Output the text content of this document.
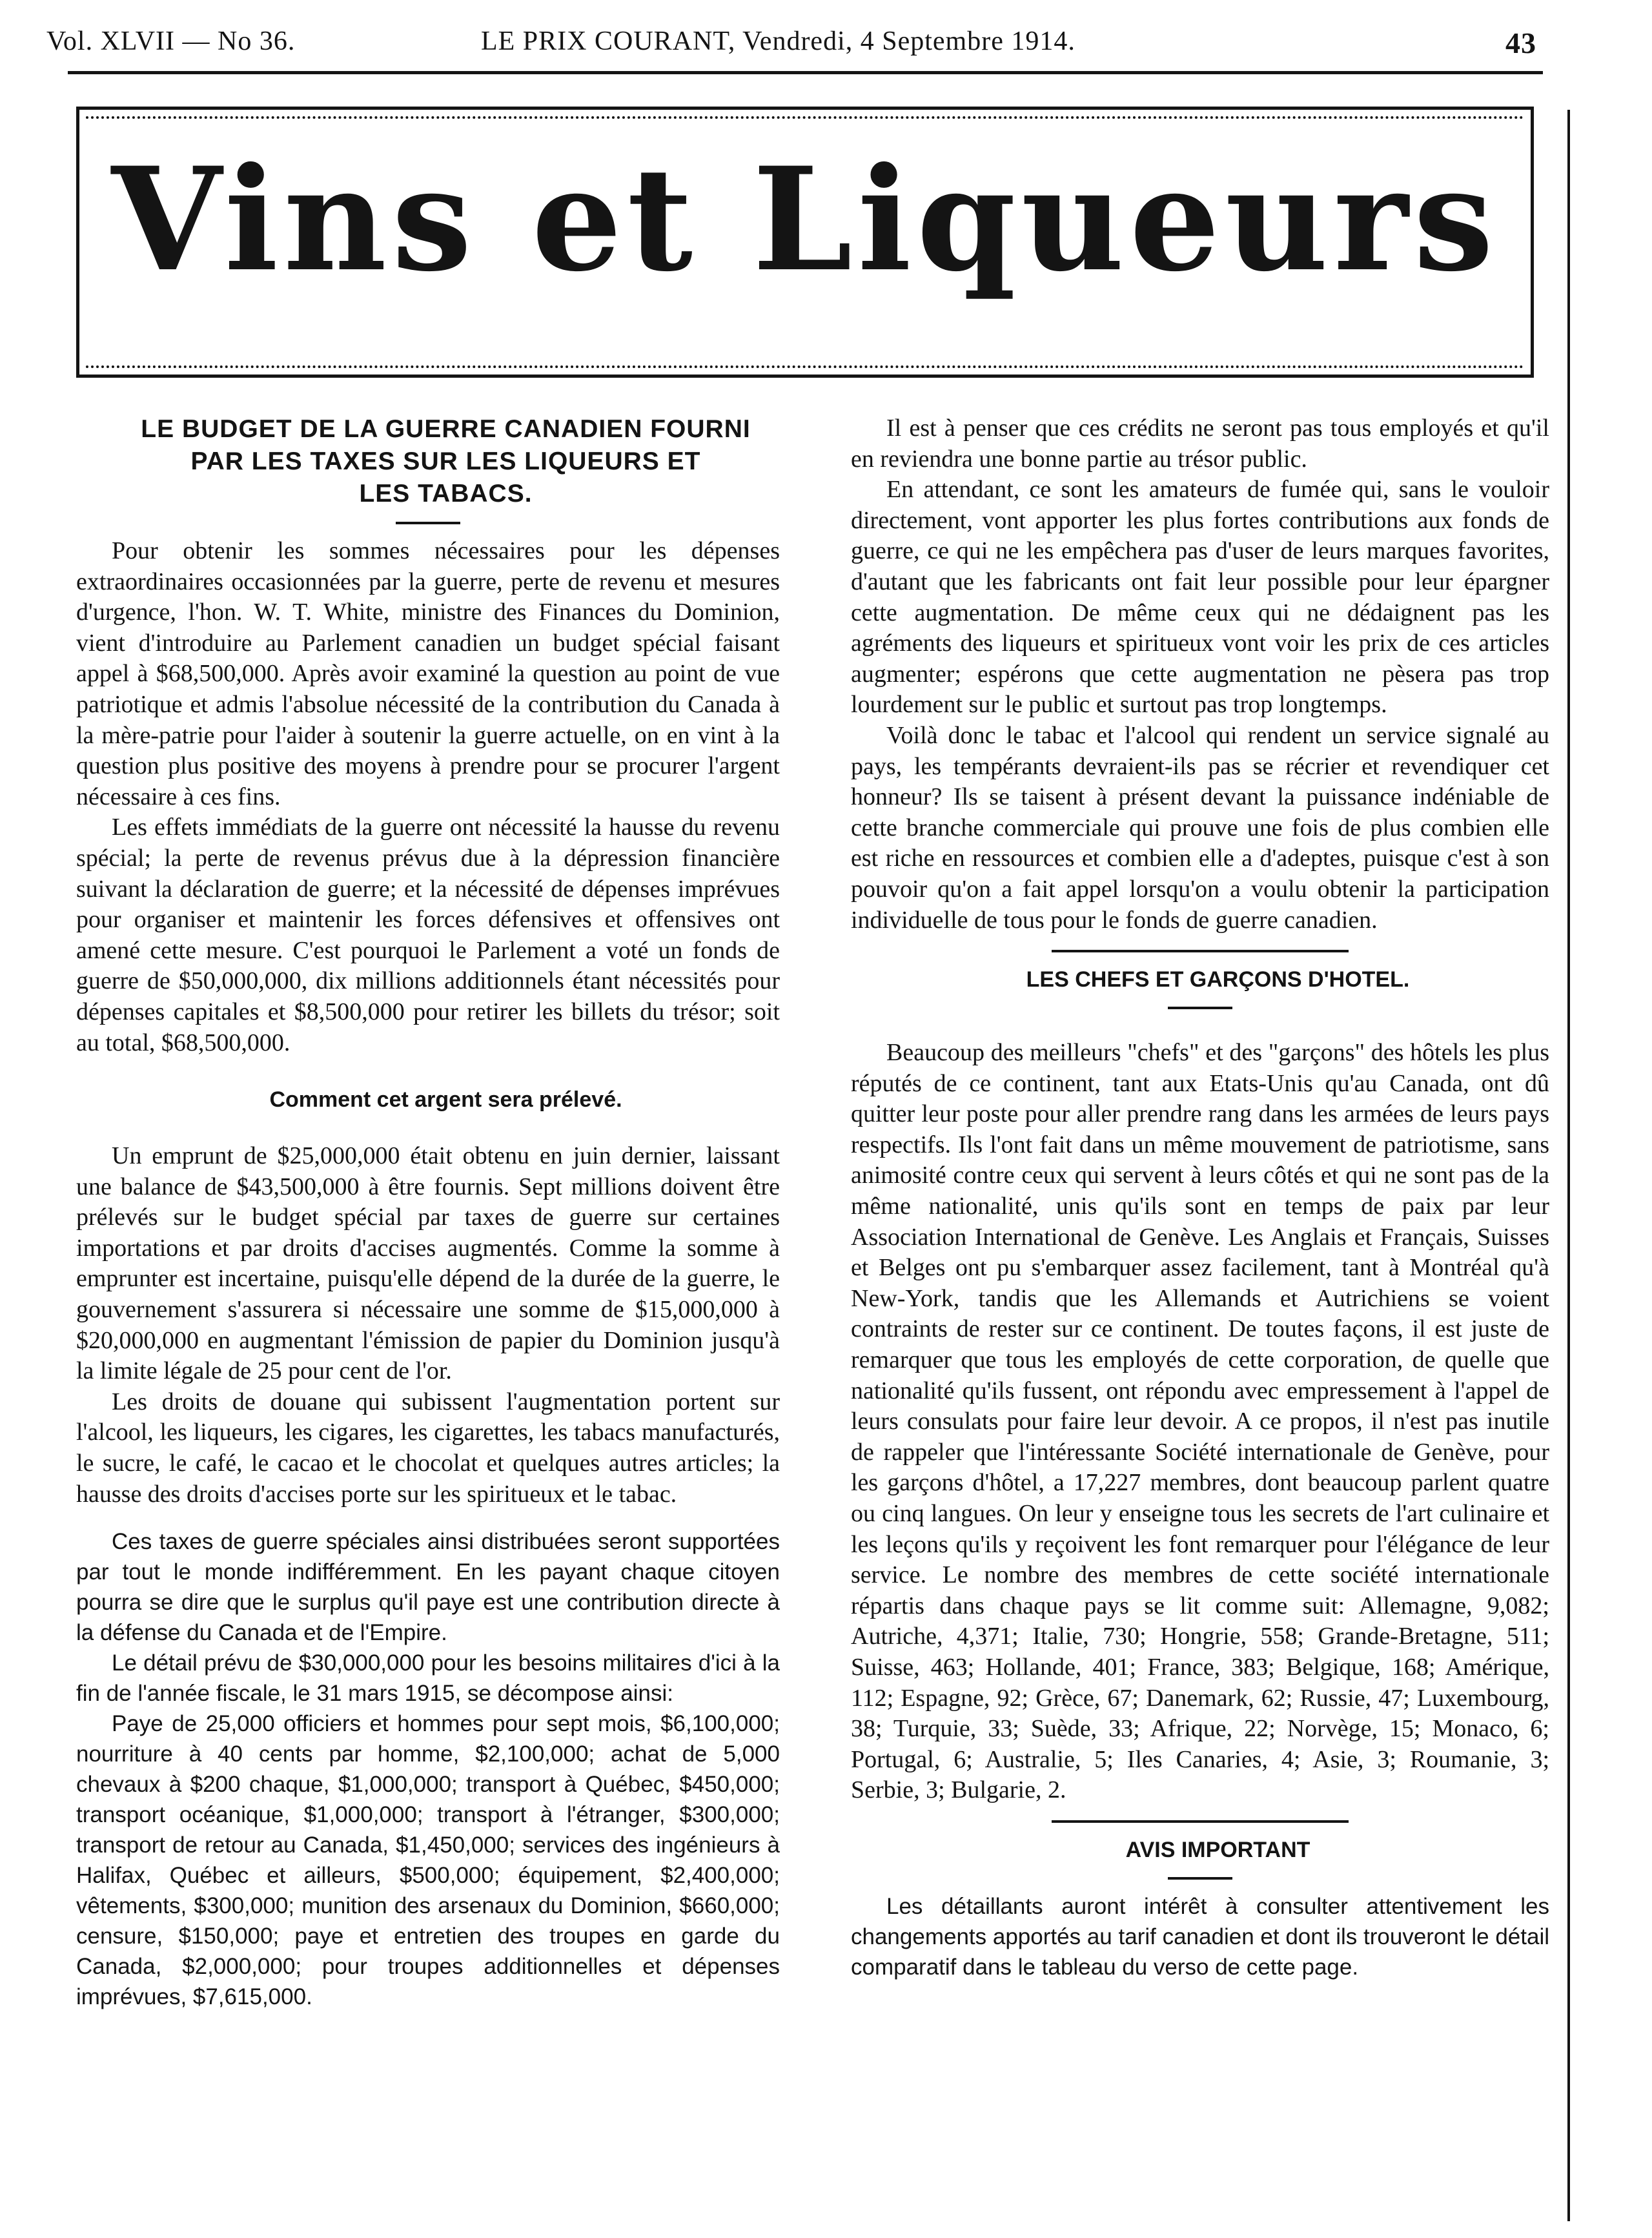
Vol. XLVII — No 36.	LE PRIX COURANT, Vendredi, 4 Septembre 1914.	43
Vins et Liqueurs

LE BUDGET DE LA GUERRE CANADIEN FOURNI

PAR LES TAXES SUR LES LIQUEURS ET

LES TABACS.

Pour obtenir les sommes nécessaires pour les dépenses extraordinaires occasionnées par la guerre, perte de revenu et mesures d'urgence, l'hon. W. T. White, ministre des Finances du Dominion, vient d'introduire au Parlement canadien un budget spécial faisant appel à $68,500,000. Après avoir examiné la question au point de vue patriotique et admis l'absolue nécessité de la contribution du Canada à la mère-patrie pour l'aider à soutenir la guerre actuelle, on en vint à la question plus positive des moyens à prendre pour se procurer l'argent nécessaire à ces fins.

Les effets immédiats de la guerre ont nécessité la hausse du revenu spécial; la perte de revenus prévus due à la dépression financière suivant la déclaration de guerre; et la nécessité de dépenses imprévues pour organiser et maintenir les forces défensives et offensives ont amené cette mesure. C'est pourquoi le Parlement a voté un fonds de guerre de $50,000,000, dix millions additionnels étant nécessités pour dépenses capitales et $8,500,000 pour retirer les billets du trésor; soit au total, $68,500,000.

Comment cet argent sera prélevé.

Un emprunt de $25,000,000 était obtenu en juin dernier, laissant une balance de $43,500,000 à être fournis. Sept millions doivent être prélevés sur le budget spécial par taxes de guerre sur certaines importations et par droits d'accises augmentés. Comme la somme à emprunter est incertaine, puisqu'elle dépend de la durée de la guerre, le gouvernement s'assurera si nécessaire une somme de $15,000,000 à $20,000,000 en augmentant l'émission de papier du Dominion jusqu'à la limite légale de 25 pour cent de l'or.

Les droits de douane qui subissent l'augmentation portent sur l'alcool, les liqueurs, les cigares, les cigarettes, les tabacs manufacturés, le sucre, le café, le cacao et le chocolat et quelques autres articles; la hausse des droits d'accises porte sur les spiritueux et le tabac.

Ces taxes de guerre spéciales ainsi distribuées seront supportées par tout le monde indifféremment. En les payant chaque citoyen pourra se dire que le surplus qu'il paye est une contribution directe à la défense du Canada et de l'Empire.

Le détail prévu de $30,000,000 pour les besoins militaires d'ici à la fin de l'année fiscale, le 31 mars 1915, se décompose ainsi:

Paye de 25,000 officiers et hommes pour sept mois, $6,100,000; nourriture à 40 cents par homme, $2,100,000; achat de 5,000 chevaux à $200 chaque, $1,000,000; transport à Québec, $450,000; transport océanique, $1,000,000; transport à l'étranger, $300,000; transport de retour au Canada, $1,450,000; services des ingénieurs à Halifax, Québec et ailleurs, $500,000; équipement, $2,400,000; vêtements, $300,000; munition des arsenaux du Dominion, $660,000; censure, $150,000; paye et entretien des troupes en garde du Canada, $2,000,000; pour troupes additionnelles et dépenses imprévues, $7,615,000.

Il est à penser que ces crédits ne seront pas tous employés et qu'il en reviendra une bonne partie au trésor public.

En attendant, ce sont les amateurs de fumée qui, sans le vouloir directement, vont apporter les plus fortes contributions aux fonds de guerre, ce qui ne les empêchera pas d'user de leurs marques favorites, d'autant que les fabricants ont fait leur possible pour leur épargner cette augmentation. De même ceux qui ne dédaignent pas les agréments des liqueurs et spiritueux vont voir les prix de ces articles augmenter; espérons que cette augmentation ne pèsera pas trop lourdement sur le public et surtout pas trop longtemps.

Voilà donc le tabac et l'alcool qui rendent un service signalé au pays, les tempérants devraient-ils pas se récrier et revendiquer cet honneur? Ils se taisent à présent devant la puissance indéniable de cette branche commerciale qui prouve une fois de plus combien elle est riche en ressources et combien elle a d'adeptes, puisque c'est à son pouvoir qu'on a fait appel lorsqu'on a voulu obtenir la participation individuelle de tous pour le fonds de guerre canadien.

LES CHEFS ET GARÇONS D'HOTEL.

Beaucoup des meilleurs "chefs" et des "garçons" des hôtels les plus réputés de ce continent, tant aux Etats-Unis qu'au Canada, ont dû quitter leur poste pour aller prendre rang dans les armées de leurs pays respectifs. Ils l'ont fait dans un même mouvement de patriotisme, sans animosité contre ceux qui servent à leurs côtés et qui ne sont pas de la même nationalité, unis qu'ils sont en temps de paix par leur Association International de Genève. Les Anglais et Français, Suisses et Belges ont pu s'embarquer assez facilement, tant à Montréal qu'à New-York, tandis que les Allemands et Autrichiens se voient contraints de rester sur ce continent. De toutes façons, il est juste de remarquer que tous les employés de cette corporation, de quelle que nationalité qu'ils fussent, ont répondu avec empressement à l'appel de leurs consulats pour faire leur devoir. A ce propos, il n'est pas inutile de rappeler que l'intéressante Société internationale de Genève, pour les garçons d'hôtel, a 17,227 membres, dont beaucoup parlent quatre ou cinq langues. On leur y enseigne tous les secrets de l'art culinaire et les leçons qu'ils y reçoivent les font remarquer pour l'élégance de leur service. Le nombre des membres de cette société internationale répartis dans chaque pays se lit comme suit: Allemagne, 9,082; Autriche, 4,371; Italie, 730; Hongrie, 558; Grande-Bretagne, 511; Suisse, 463; Hollande, 401; France, 383; Belgique, 168; Amérique, 112; Espagne, 92; Grèce, 67; Danemark, 62; Russie, 47; Luxembourg, 38; Turquie, 33; Suède, 33; Afrique, 22; Norvège, 15; Monaco, 6; Portugal, 6; Australie, 5; Iles Canaries, 4; Asie, 3; Roumanie, 3; Serbie, 3; Bulgarie, 2.

AVIS IMPORTANT

Les détaillants auront intérêt à consulter attentivement les changements apportés au tarif canadien et dont ils trouveront le détail comparatif dans le tableau du verso de cette page.
